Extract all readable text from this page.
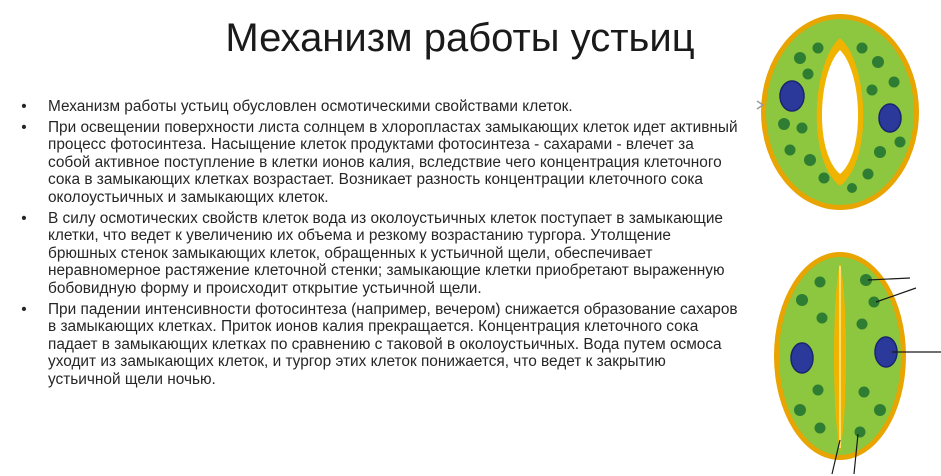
Механизм работы устьиц
• Механизм работы устьиц обусловлен осмотическими свойствами клеток.
• При освещении поверхности листа солнцем в хлоропластах замыкающих клеток идет активный процесс фотосинтеза. Насыщение клеток продуктами фотосинтеза - сахарами - влечет за собой активное поступление в клетки ионов калия, вследствие чего концентрация клеточного сока в замыкающих клетках возрастает. Возникает разность концентрации клеточного сока околоустьичных и замыкающих клеток.
• В силу осмотических свойств клеток вода из околоустьичных клеток поступает в замыкающие клетки, что ведет к увеличению их объема и резкому возрастанию тургора. Утолщение брюшных стенок замыкающих клеток, обращенных к устьичной щели, обеспечивает неравномерное растяжение клеточной стенки; замыкающие клетки приобретают выраженную бобовидную форму и происходит открытие устьичной щели.
• При падении интенсивности фотосинтеза (например, вечером) снижается образование сахаров в замыкающих клетках. Приток ионов калия прекращается. Концентрация клеточного сока падает в замыкающих клетках по сравнению с таковой в околоустьичных. Вода путем осмоса уходит из замыкающих клеток, и тургор этих клеток понижается, что ведет к закрытию устьичной щели ночью.
